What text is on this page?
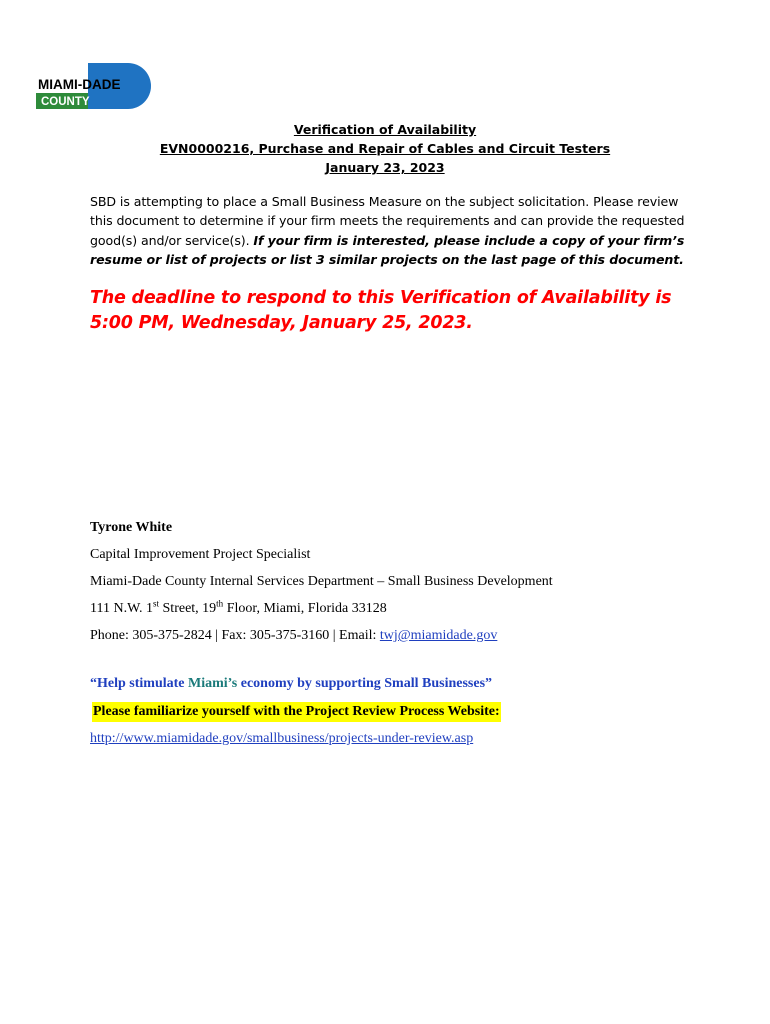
MIAMI-DADE
COUNTY
Verification of Availability
EVN0000216, Purchase and Repair of Cables and Circuit Testers
January 23, 2023
SBD is attempting to place a Small Business Measure on the subject solicitation. Please review this document to determine if your firm meets the requirements and can provide the requested good(s) and/or service(s). If your firm is interested, please include a copy of your firm’s resume or list of projects or list 3 similar projects on the last page of this document.
The deadline to respond to this Verification of Availability is 5:00 PM, Wednesday, January 25, 2023.
Tyrone White
Capital Improvement Project Specialist
Miami-Dade County Internal Services Department – Small Business Development
111 N.W. 1st Street, 19th Floor, Miami, Florida 33128
Phone: 305-375-2824 | Fax: 305-375-3160 | Email: twj@miamidade.gov
“Help stimulate Miami’s economy by supporting Small Businesses”
Please familiarize yourself with the Project Review Process Website:
http://www.miamidade.gov/smallbusiness/projects-under-review.asp
